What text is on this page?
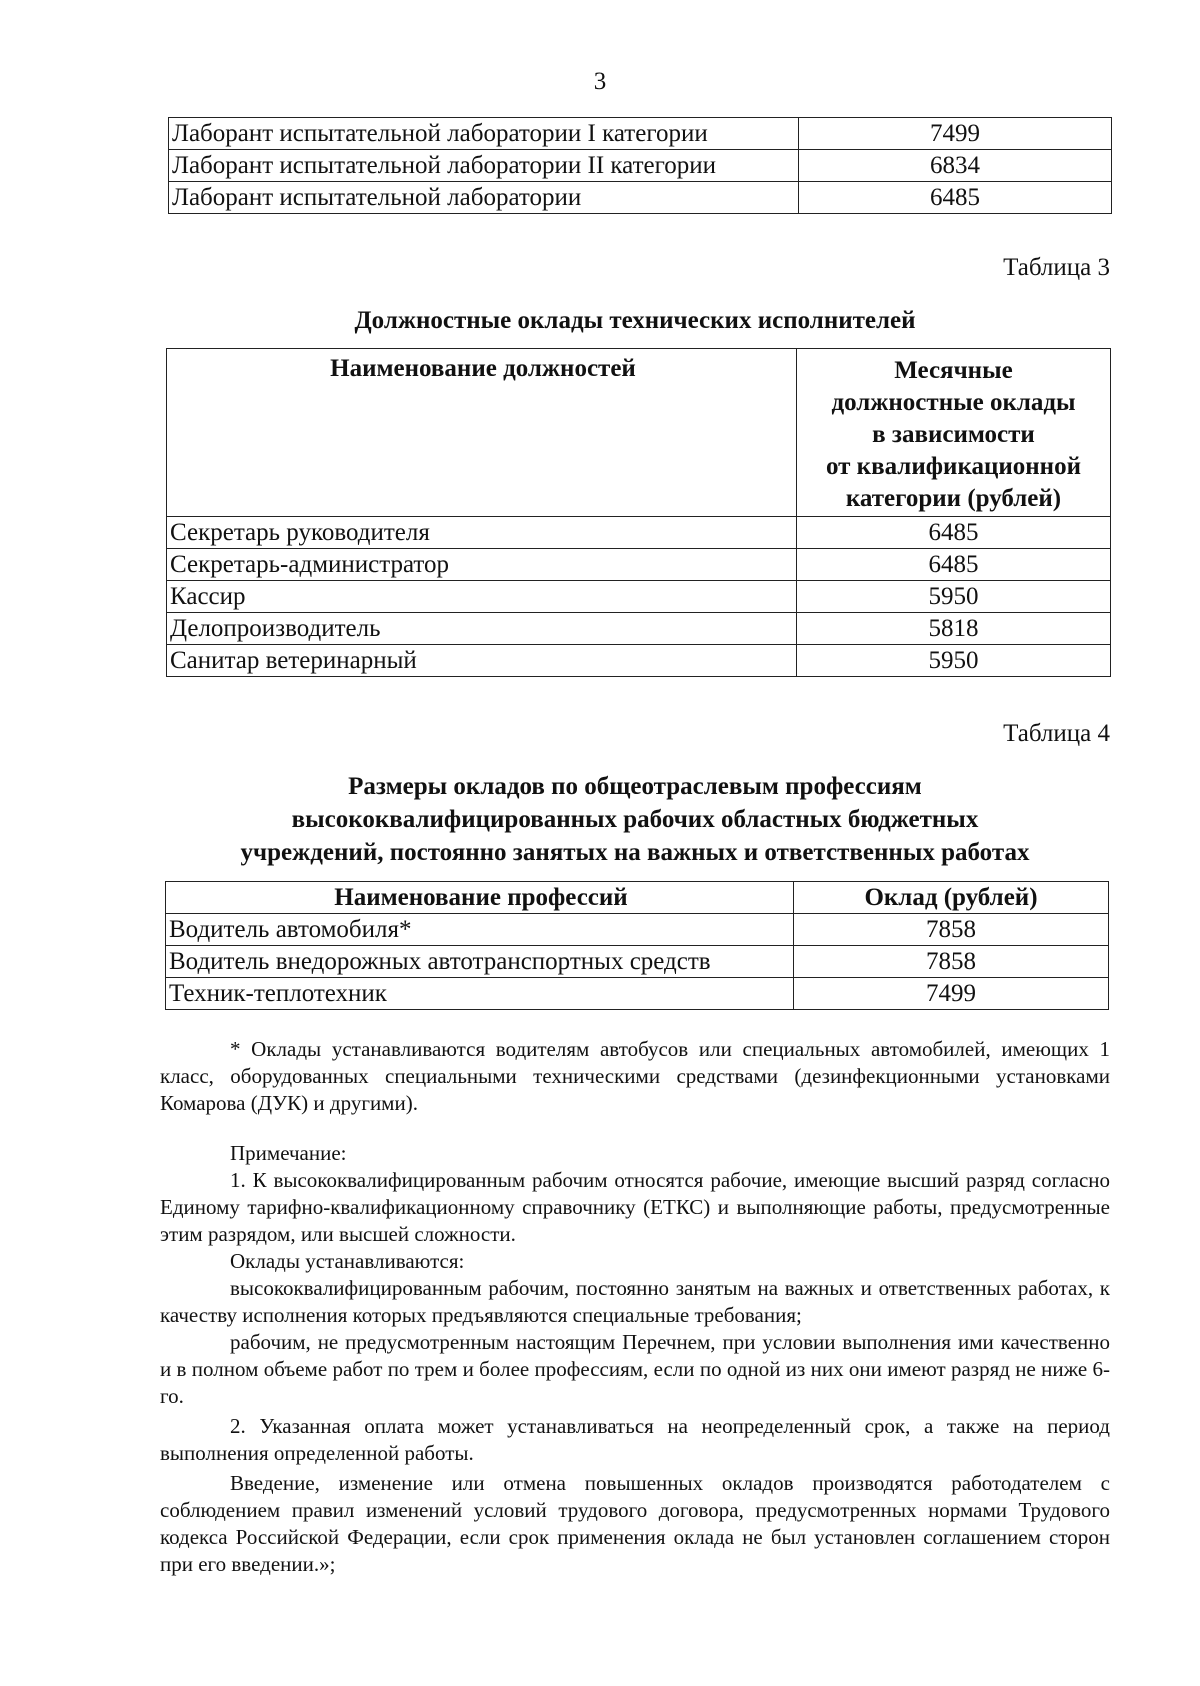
3

Лаборант испытательной лаборатории I категории	7499
Лаборант испытательной лаборатории II категории	6834
Лаборант испытательной лаборатории	6485

Таблица 3

Должностные оклады технических исполнителей

Наименование должностей	Месячные
должностные оклады
в зависимости
от квалификационной
категории (рублей)

Секретарь руководителя	6485
Секретарь-администратор	6485
Кассир	5950
Делопроизводитель	5818
Санитар ветеринарный	5950

Таблица 4

Размеры окладов по общеотраслевым профессиям
высококвалифицированных рабочих областных бюджетных
учреждений, постоянно занятых на важных и ответственных работах
Наименование профессий	Оклад (рублей)
Водитель автомобиля*	7858
Водитель внедорожных автотранспортных средств	7858
Техник-теплотехник	7499

* Оклады устанавливаются водителям автобусов или специальных автомобилей, имеющих 1 класс, оборудованных специальными техническими средствами (дезинфекционными установками Комарова (ДУК) и другими).

Примечание:

1. К высококвалифицированным рабочим относятся рабочие, имеющие высший разряд согласно Единому тарифно-квалификационному справочнику (ЕТКС) и выполняющие работы, предусмотренные этим разрядом, или высшей сложности.

Оклады устанавливаются:

высококвалифицированным рабочим, постоянно занятым на важных и ответственных работах, к качеству исполнения которых предъявляются специальные требования;

рабочим, не предусмотренным настоящим Перечнем, при условии выполнения ими качественно и в полном объеме работ по трем и более профессиям, если по одной из них они имеют разряд не ниже 6-го.

2. Указанная оплата может устанавливаться на неопределенный срок, а также на период выполнения определенной работы.

Введение, изменение или отмена повышенных окладов производятся работодателем с соблюдением правил изменений условий трудового договора, предусмотренных нормами Трудового кодекса Российской Федерации, если срок применения оклада не был установлен соглашением сторон при его введении.»;
